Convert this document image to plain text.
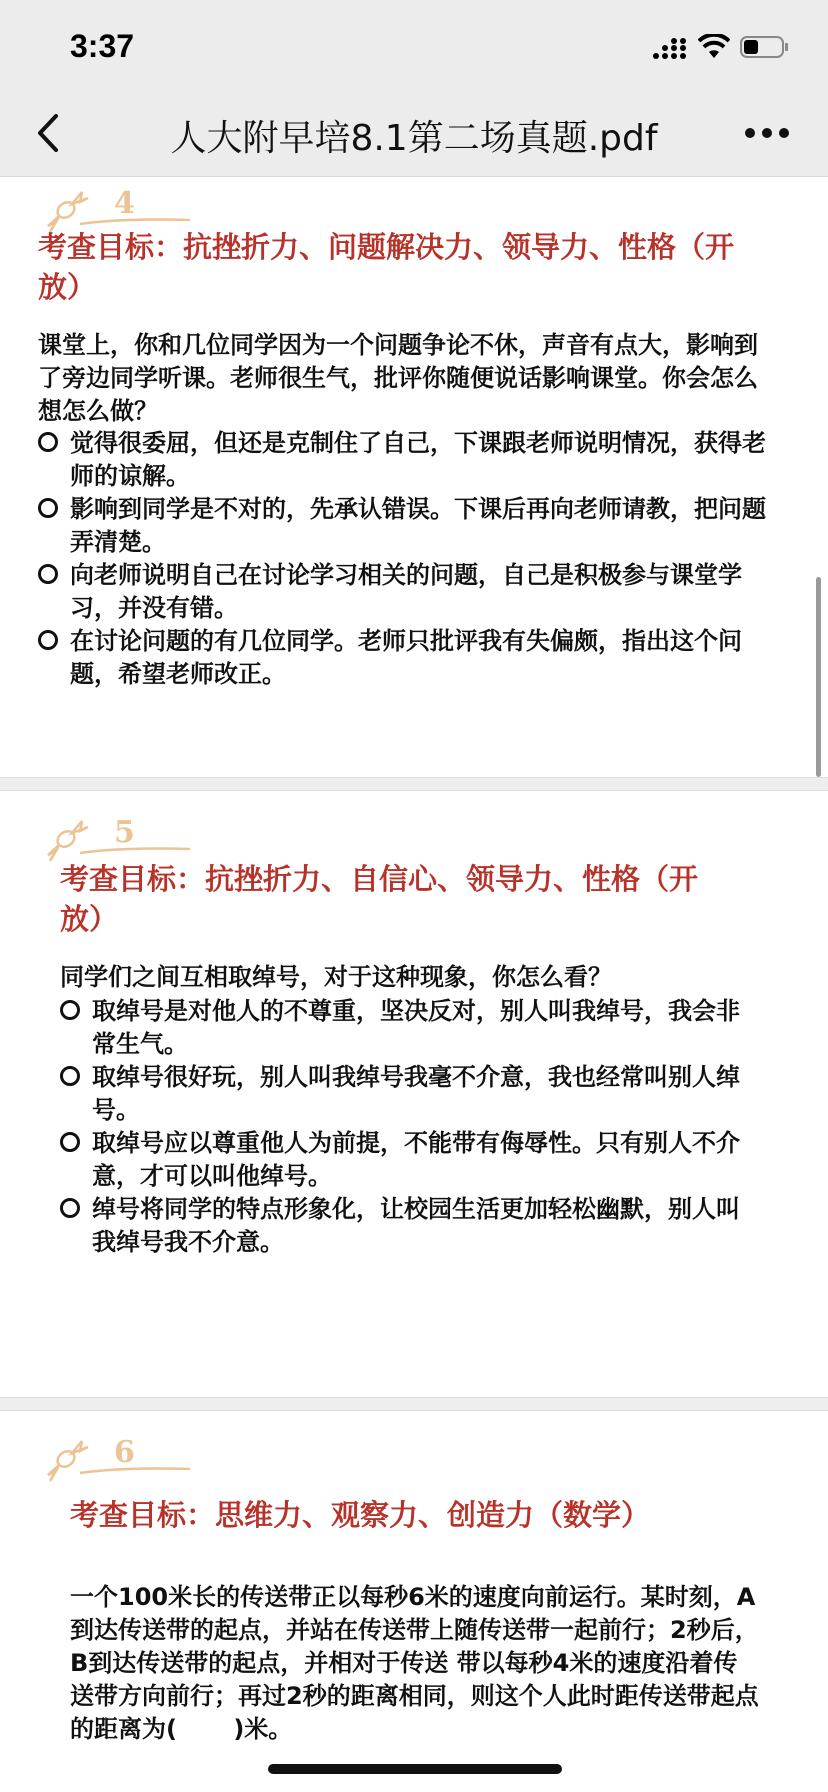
3:37
人大附早培8.1第二场真题.pdf
4
考查目标：抗挫折力、问题解决力、领导力、性格（开放）
课堂上，你和几位同学因为一个问题争论不休，声音有点大，影响到了旁边同学听课。老师很生气，批评你随便说话影响课堂。你会怎么想怎么做？
觉得很委屈，但还是克制住了自己，下课跟老师说明情况，获得老师的谅解。
影响到同学是不对的，先承认错误。下课后再向老师请教，把问题弄清楚。
向老师说明自己在讨论学习相关的问题，自己是积极参与课堂学习，并没有错。
在讨论问题的有几位同学。老师只批评我有失偏颇，指出这个问题，希望老师改正。
5
考查目标：抗挫折力、自信心、领导力、性格（开放）
同学们之间互相取绰号，对于这种现象，你怎么看？
取绰号是对他人的不尊重，坚决反对，别人叫我绰号，我会非常生气。
取绰号很好玩，别人叫我绰号我毫不介意，我也经常叫别人绰号。
取绰号应以尊重他人为前提，不能带有侮辱性。只有别人不介意，才可以叫他绰号。
绰号将同学的特点形象化，让校园生活更加轻松幽默，别人叫我绰号我不介意。
6
考查目标：思维力、观察力、创造力（数学）
一个100米长的传送带正以每秒6米的速度向前运行。某时刻，A到达传送带的起点，并站在传送带上随传送带一起前行；2秒后，B到达传送带的起点，并相对于传送 带以每秒4米的速度沿着传送带方向前行；再过2秒的距离相同，则这个人此时距传送带起点的距离为(　　 )米。
